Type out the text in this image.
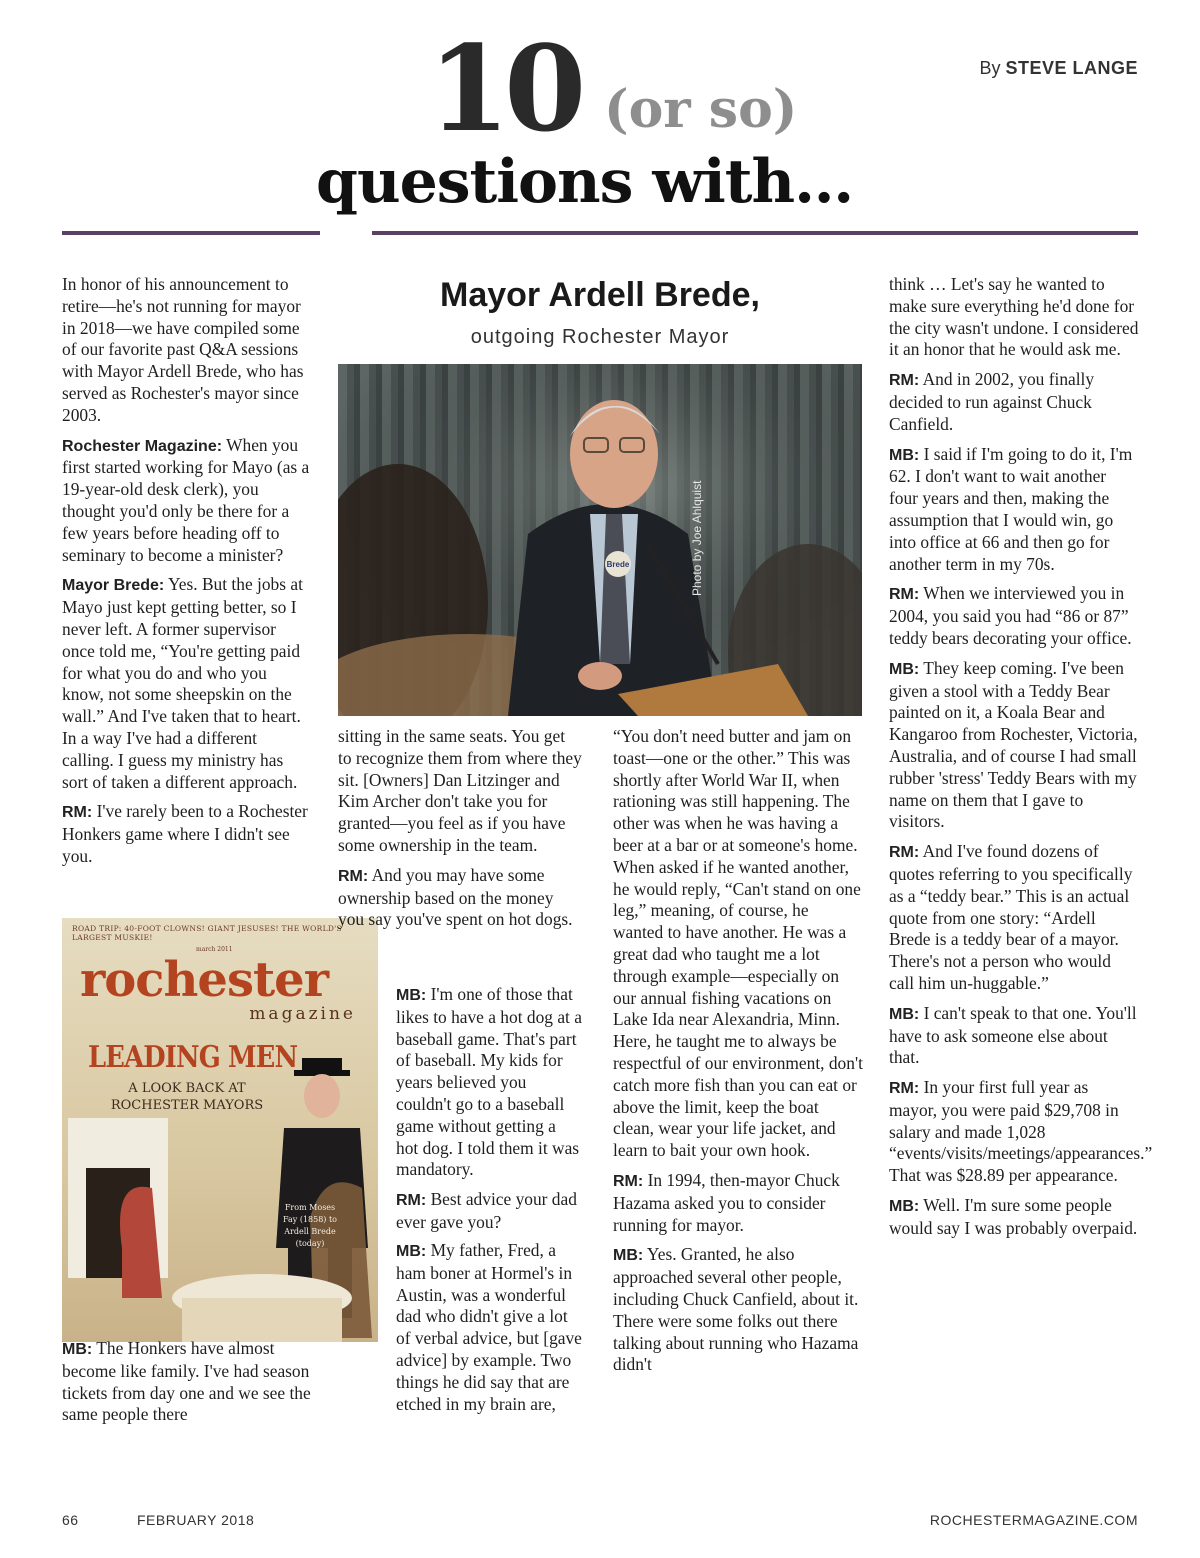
By STEVE LANGE
10 (or so)
questions with…
Mayor Ardell Brede,
outgoing Rochester Mayor
Brede

In honor of his announcement to retire—he's not running for mayor in 2018—we have compiled some of our favorite past Q&A sessions with Mayor Ardell Brede, who has served as Rochester's mayor since 2003.

Rochester Magazine: When you first started working for Mayo (as a 19-year-old desk clerk), you thought you'd only be there for a few years before heading off to seminary to become a minister?

Mayor Brede: Yes. But the jobs at Mayo just kept getting better, so I never left. A former supervisor once told me, “You're getting paid for what you do and who you know, not some sheepskin on the wall.” And I've taken that to heart. In a way I've had a different calling. I guess my ministry has sort of taken a different approach.

RM: I've rarely been to a Rochester Honkers game where I didn't see you.

ROAD TRIP: 40-FOOT CLOWNS! GIANT JESUSES! THE WORLD'S LARGEST MUSKIE!
march 2011
rochester
magazine
LEADING MEN
A LOOK BACK AT
ROCHESTER MAYORS
From Moses Fay (1858) to Ardell Brede (today)

MB: The Honkers have almost become like family. I've had season tickets from day one and we see the same people there

sitting in the same seats. You get to recognize them from where they sit. [Owners] Dan Litzinger and Kim Archer don't take you for granted—you feel as if you have some ownership in the team.

RM: And you may have some ownership based on the money you say you've spent on hot dogs.

MB: I'm one of those that likes to have a hot dog at a baseball game. That's part of baseball. My kids for years believed you couldn't go to a baseball game without getting a hot dog. I told them it was mandatory.

RM: Best advice your dad ever gave you?

MB: My father, Fred, a ham boner at Hormel's in Austin, was a wonderful dad who didn't give a lot of verbal advice, but [gave advice] by example. Two things he did say that are etched in my brain are,

“You don't need butter and jam on toast—one or the other.” This was shortly after World War II, when rationing was still happening. The other was when he was having a beer at a bar or at someone's home. When asked if he wanted another, he would reply, “Can't stand on one leg,” meaning, of course, he wanted to have another. He was a great dad who taught me a lot through example—especially on our annual fishing vacations on Lake Ida near Alexandria, Minn. Here, he taught me to always be respectful of our environment, don't catch more fish than you can eat or above the limit, keep the boat clean, wear your life jacket, and learn to bait your own hook.

RM: In 1994, then-mayor Chuck Hazama asked you to consider running for mayor.

MB: Yes. Granted, he also approached several other people, including Chuck Canfield, about it. There were some folks out there talking about running who Hazama didn't

think … Let's say he wanted to make sure everything he'd done for the city wasn't undone. I considered it an honor that he would ask me.

RM: And in 2002, you finally decided to run against Chuck Canfield.

MB: I said if I'm going to do it, I'm 62. I don't want to wait another four years and then, making the assumption that I would win, go into office at 66 and then go for another term in my 70s.

RM: When we interviewed you in 2004, you said you had “86 or 87” teddy bears decorating your office.

MB: They keep coming. I've been given a stool with a Teddy Bear painted on it, a Koala Bear and Kangaroo from Rochester, Victoria, Australia, and of course I had small rubber 'stress' Teddy Bears with my name on them that I gave to visitors.

RM: And I've found dozens of quotes referring to you specifically as a “teddy bear.” This is an actual quote from one story: “Ardell Brede is a teddy bear of a mayor. There's not a person who would call him un-huggable.”

MB: I can't speak to that one. You'll have to ask someone else about that.

RM: In your first full year as mayor, you were paid $29,708 in salary and made 1,028 “events/visits/meetings/appearances.” That was $28.89 per appearance.

MB: Well. I'm sure some people would say I was probably overpaid.

66	FEBRUARY 2018	ROCHESTERMAGAZINE.COM
